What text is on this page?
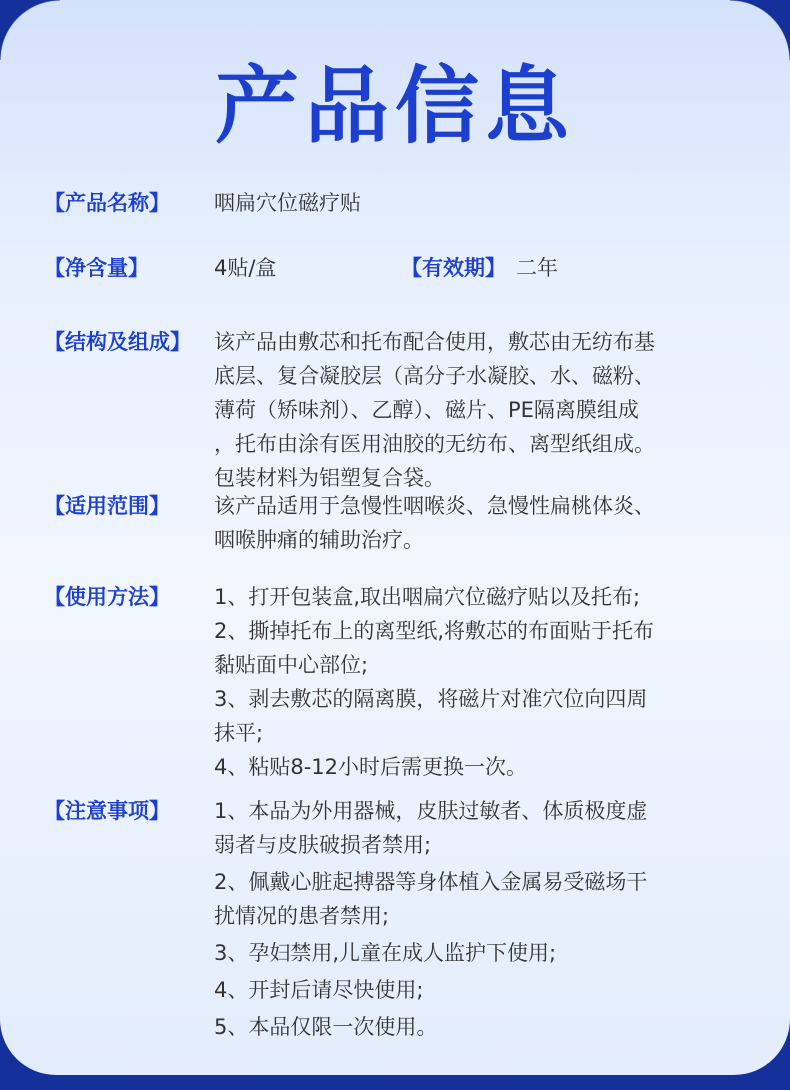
产品信息
【产品名称】 咽扁穴位磁疗贴
【净含量】	4贴/盒	【有效期】 二年
【结构及组成】 该产品由敷芯和托布配合使用，敷芯由无纺布基

底层、复合凝胶层（高分子水凝胶、水、磁粉、

薄荷（矫味剂）、乙醇）、磁片、PE隔离膜组成

，托布由涂有医用油胶的无纺布、离型纸组成。

包装材料为铝塑复合袋。

【适用范围】 该产品适用于急慢性咽喉炎、急慢性扁桃体炎、

咽喉肿痛的辅助治疗。

【使用方法】 1、打开包装盒,取出咽扁穴位磁疗贴以及托布;

2、撕掉托布上的离型纸,将敷芯的布面贴于托布

黏贴面中心部位;

3、剥去敷芯的隔离膜，将磁片对准穴位向四周

抹平;

4、粘贴8-12小时后需更换一次。

【注意事项】 1、本品为外用器械，皮肤过敏者、体质极度虚

弱者与皮肤破损者禁用;

2、佩戴心脏起搏器等身体植入金属易受磁场干

扰情况的患者禁用;

3、孕妇禁用,儿童在成人监护下使用;

4、开封后请尽快使用;

5、本品仅限一次使用。
